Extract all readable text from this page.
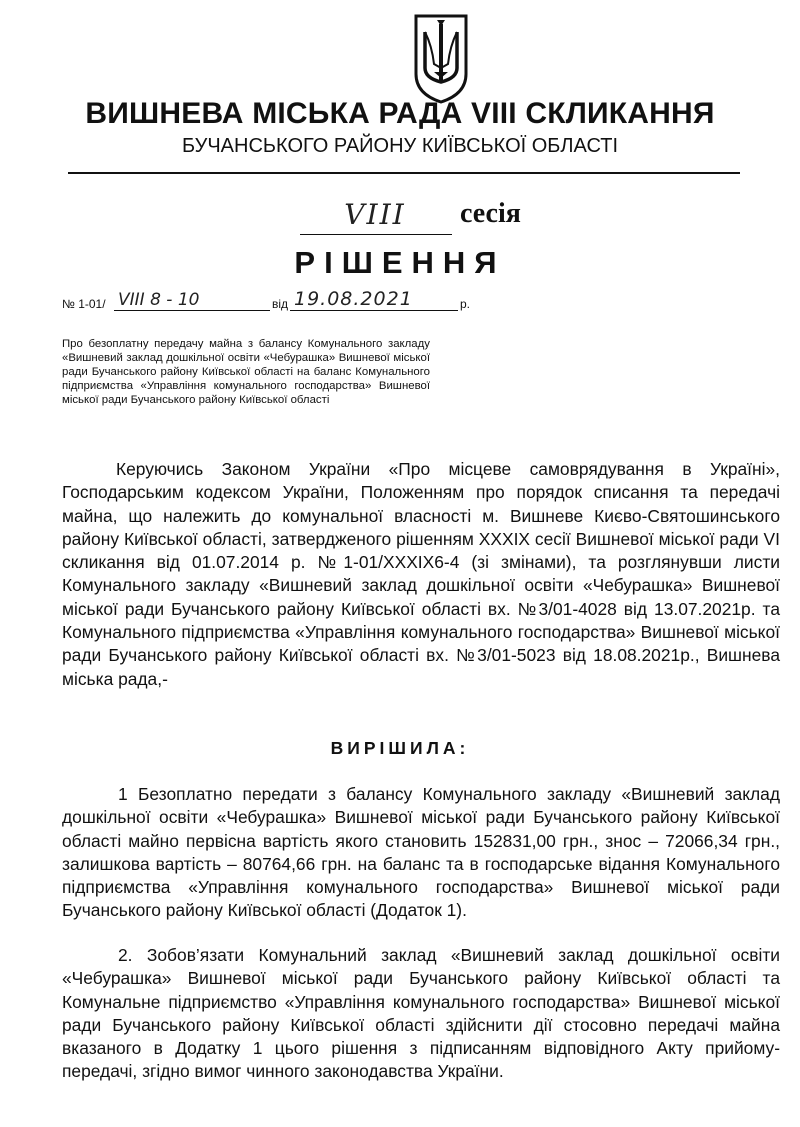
ВИШНЕВА МІСЬКА РАДА VIII СКЛИКАННЯ
БУЧАНСЬКОГО РАЙОНУ КИЇВСЬКОЇ ОБЛАСТІ
VIII сесія
РІШЕННЯ
№ 1-01/ VIII 8 - 10	від 19.08.2021	р.
Про безоплатну передачу майна з балансу Комунального закладу «Вишневий заклад дошкільної освіти «Чебурашка» Вишневої міської ради Бучанського району Київської області на баланс Комунального підприємства «Управління комунального господарства» Вишневої міської ради Бучанського району Київської області
Керуючись Законом України «Про місцеве самоврядування в Україні», Господарським кодексом України, Положенням про порядок списання та передачі майна, що належить до комунальної власності м. Вишневе Києво-Святошинського району Київської області, затвердженого рішенням XXXIX сесії Вишневої міської ради VI скликання від 01.07.2014 р. №1-01/XXXIX6-4 (зі змінами), та розглянувши листи Комунального закладу «Вишневий заклад дошкільної освіти «Чебурашка» Вишневої міської ради Бучанського району Київської області вх. №3/01-4028 від 13.07.2021р. та Комунального підприємства «Управління комунального господарства» Вишневої міської ради Бучанського району Київської області вх. №3/01-5023 від 18.08.2021р., Вишнева міська рада,-
ВИРІШИЛА:
1 Безоплатно передати з балансу Комунального закладу «Вишневий заклад дошкільної освіти «Чебурашка» Вишневої міської ради Бучанського району Київської області майно первісна вартість якого становить 152831,00 грн., знос – 72066,34 грн., залишкова вартість – 80764,66 грн. на баланс та в господарське відання Комунального підприємства «Управління комунального господарства» Вишневої міської ради Бучанського району Київської області (Додаток 1).
2. Зобов’язати Комунальний заклад «Вишневий заклад дошкільної освіти «Чебурашка» Вишневої міської ради Бучанського району Київської області та Комунальне підприємство «Управління комунального господарства» Вишневої міської ради Бучанського району Київської області здійснити дії стосовно передачі майна вказаного в Додатку 1 цього рішення з підписанням відповідного Акту прийому-передачі, згідно вимог чинного законодавства України.
